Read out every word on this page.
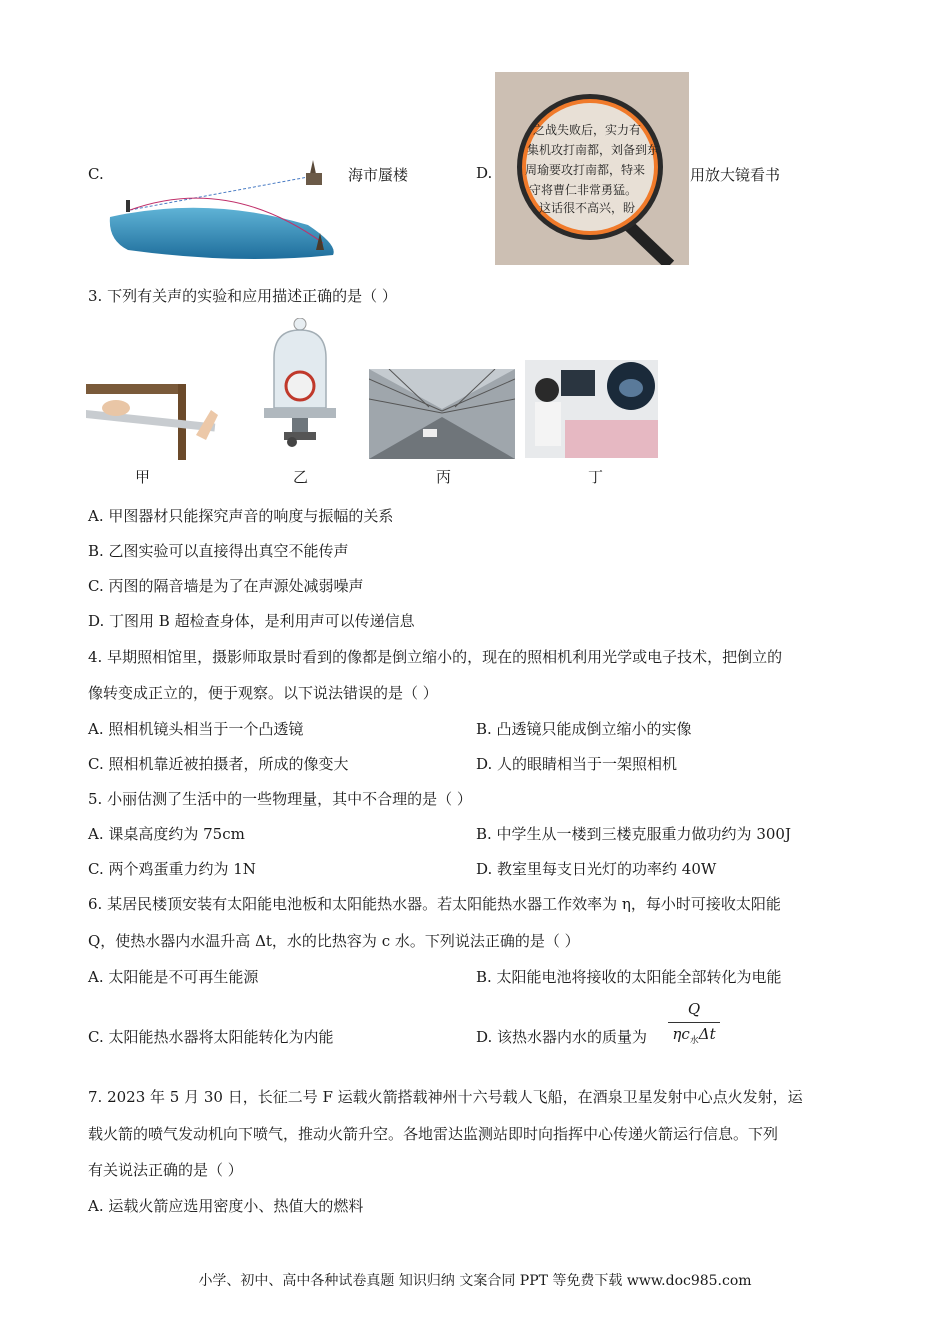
C.	海市蜃楼	D.
之战失败后，实力有
集机攻打南都，刘备到东
周瑜要攻打南都，特来
守将曹仁非常勇猛。
这话很不高兴，盼
用放大镜看书
3. 下列有关声的实验和应用描述正确的是（ ）
甲	乙	丙	丁
A. 甲图器材只能探究声音的响度与振幅的关系
B. 乙图实验可以直接得出真空不能传声
C. 丙图的隔音墙是为了在声源处减弱噪声
D. 丁图用 B 超检查身体，是利用声可以传递信息
4. 早期照相馆里，摄影师取景时看到的像都是倒立缩小的，现在的照相机利用光学或电子技术，把倒立的
像转变成正立的，便于观察。以下说法错误的是（ ）
A. 照相机镜头相当于一个凸透镜	B. 凸透镜只能成倒立缩小的实像
C. 照相机靠近被拍摄者，所成的像变大	D. 人的眼睛相当于一架照相机
5. 小丽估测了生活中的一些物理量，其中不合理的是（ ）
A. 课桌高度约为 75cm	B. 中学生从一楼到三楼克服重力做功约为 300J
C. 两个鸡蛋重力约为 1N	D. 教室里每支日光灯的功率约 40W
6. 某居民楼顶安装有太阳能电池板和太阳能热水器。若太阳能热水器工作效率为 η，每小时可接收太阳能
Q，使热水器内水温升高 Δt，水的比热容为 c 水。下列说法正确的是（ ）
A. 太阳能是不可再生能源	B. 太阳能电池将接收的太阳能全部转化为电能
C. 太阳能热水器将太阳能转化为内能	D. 该热水器内水的质量为
Q
$\eta c_水\Delta t$
7. 2023 年 5 月 30 日，长征二号 F 运载火箭搭载神州十六号载人飞船，在酒泉卫星发射中心点火发射，运
载火箭的喷气发动机向下喷气，推动火箭升空。各地雷达监测站即时向指挥中心传递火箭运行信息。下列
有关说法正确的是（ ）
A. 运载火箭应选用密度小、热值大的燃料
小学、初中、高中各种试卷真题 知识归纳 文案合同 PPT 等免费下载 www.doc985.com
